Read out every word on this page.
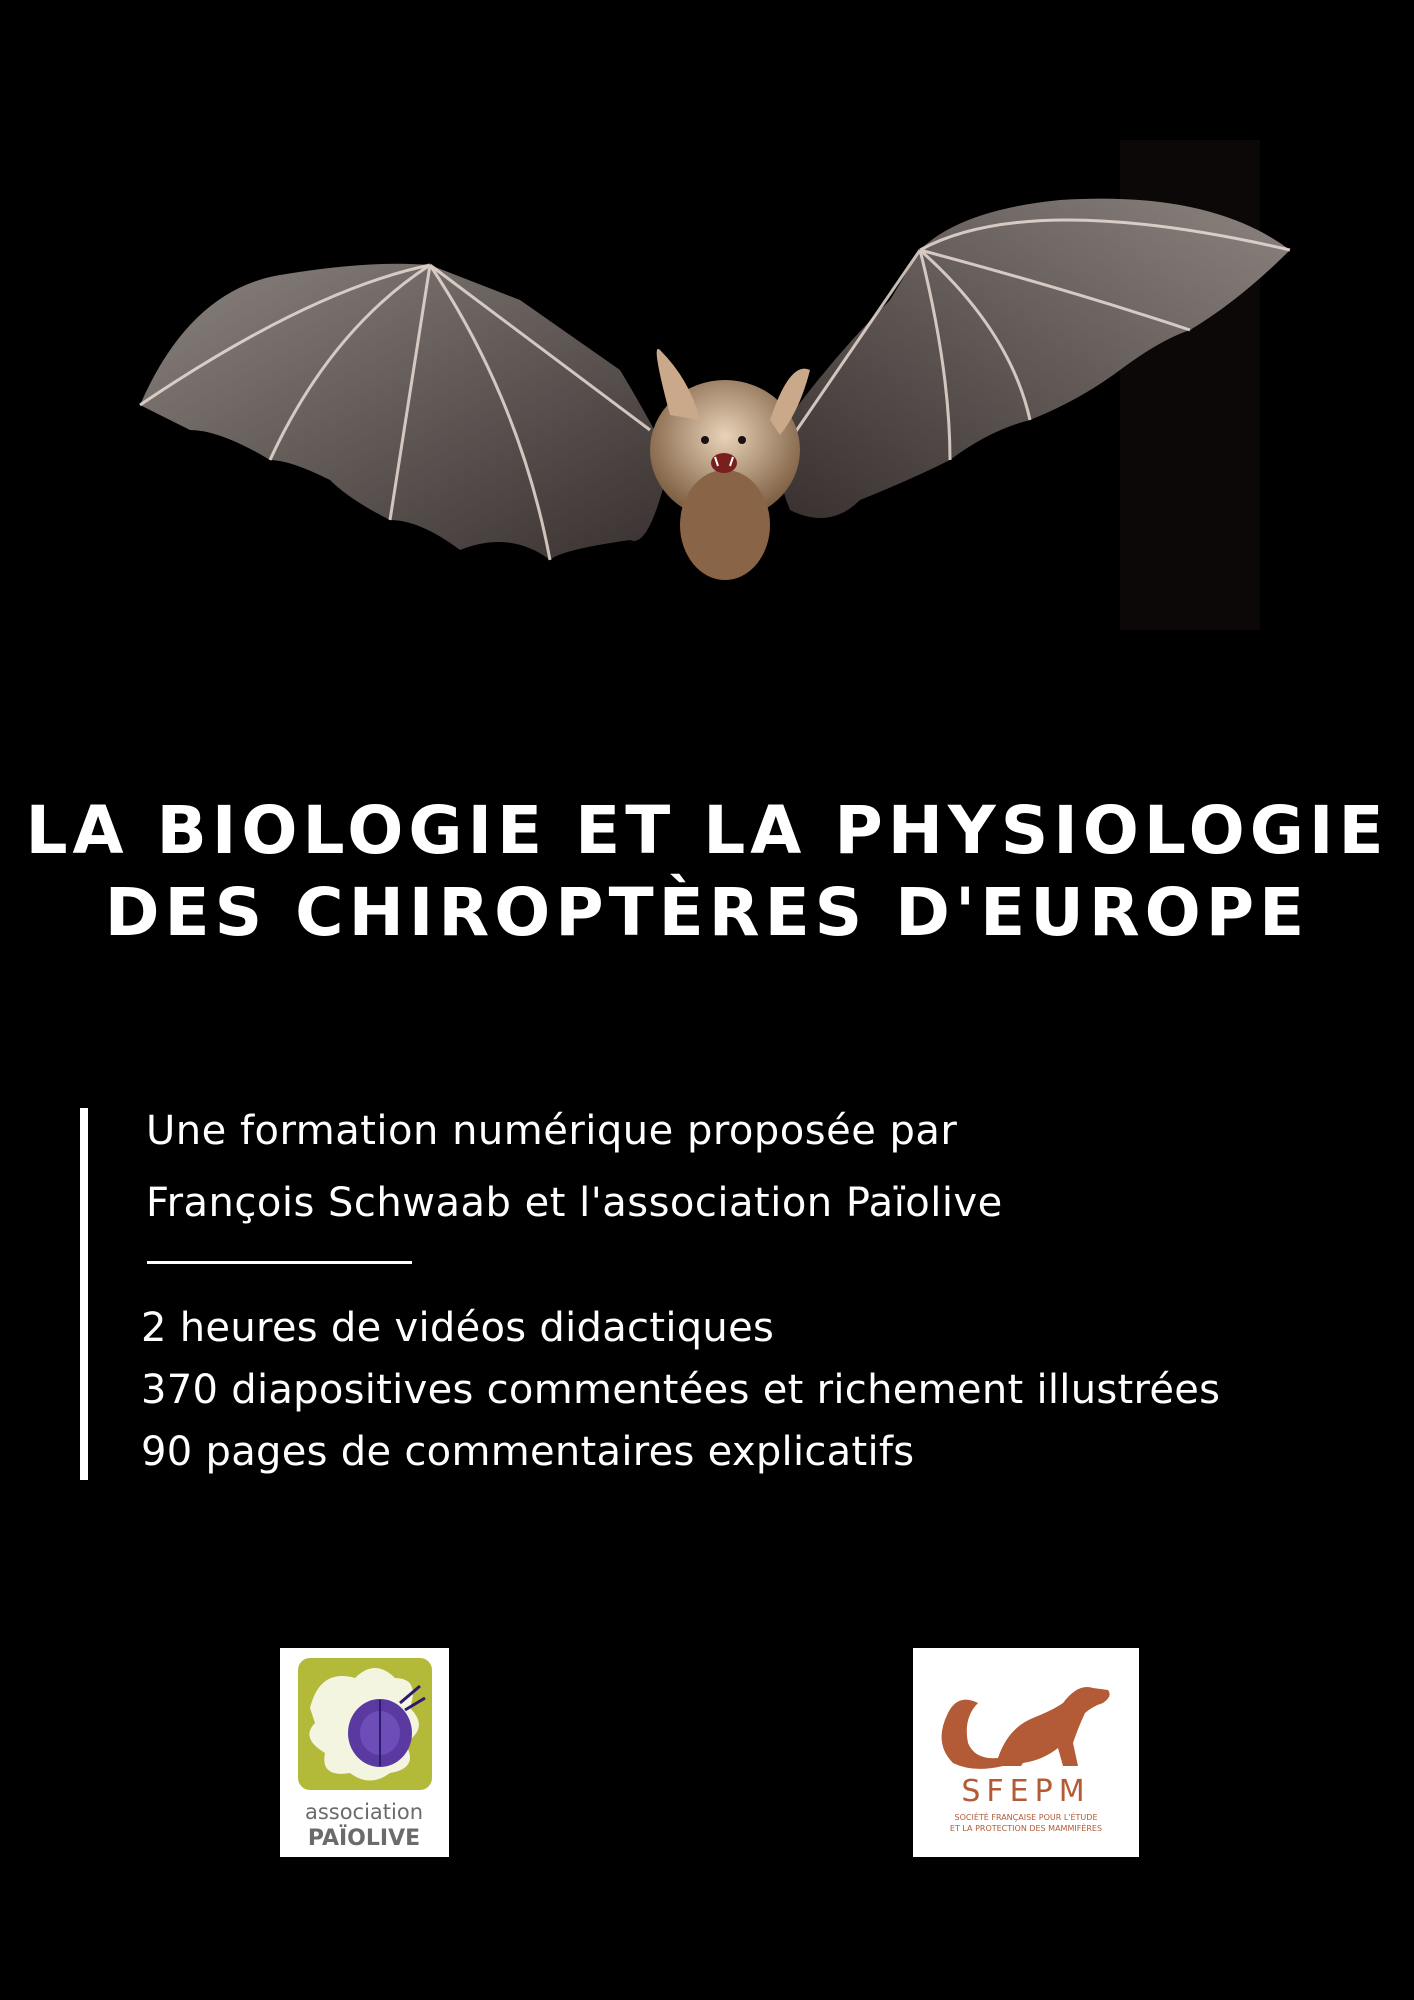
LA BIOLOGIE ET LA PHYSIOLOGIE
DES CHIROPTÈRES D'EUROPE
Une formation numérique proposée par
François Schwaab et l'association Païolive
2 heures de vidéos didactiques
370 diapositives commentées et richement illustrées
90 pages de commentaires explicatifs
association
PAÏOLIVE
SFEPM
SOCIÉTÉ FRANÇAISE POUR L'ÉTUDE
ET LA PROTECTION DES MAMMIFÈRES
